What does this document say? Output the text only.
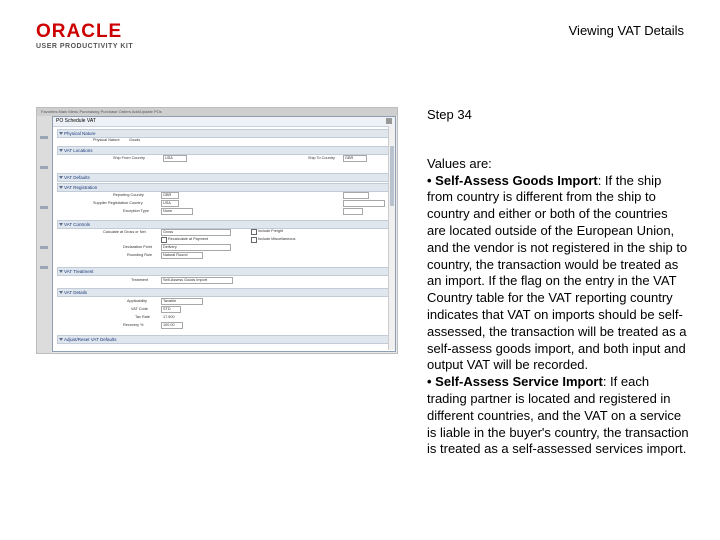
ORACLE
USER PRODUCTIVITY KIT
Viewing VAT Details
Favorites Main Menu Purchasing Purchase Orders Add/Update POs
PO Schedule VAT
Physical Nature
Physical Nature Goods
VAT Locations
Ship From Country	USA	Ship To Country	GBR
VAT Defaults
VAT Registration
Reporting Country	GBR
Supplier Registration Country	USA
Exception Type	None
VAT Controls
Calculate at Gross or Net	Gross
Recalculate at Payment
Declaration Point	Delivery
Rounding Rule	Natural Round
Include Freight
Include Miscellaneous
VAT Treatment
Treatment	Self-Assess Goods Import
VAT Details
Applicability	Taxable
VAT Code	STD
Tax Rate	17.500
Recovery %	100.00
Adjust/Reset VAT Defaults

Step 34

Values are:

• Self-Assess Goods Import: If the ship from country is different from the ship to country and either or both of the countries are located outside of the European Union, and the vendor is not registered in the ship to country, the transaction would be treated as an import. If the flag on the entry in the VAT Country table for the VAT reporting country indicates that VAT on imports should be self-assessed, the transaction will be treated as a self-assess goods import, and both input and output VAT will be recorded.

• Self-Assess Service Import: If each trading partner is located and registered in different countries, and the VAT on a service is liable in the buyer's country, the transaction is treated as a self-assessed services import.
